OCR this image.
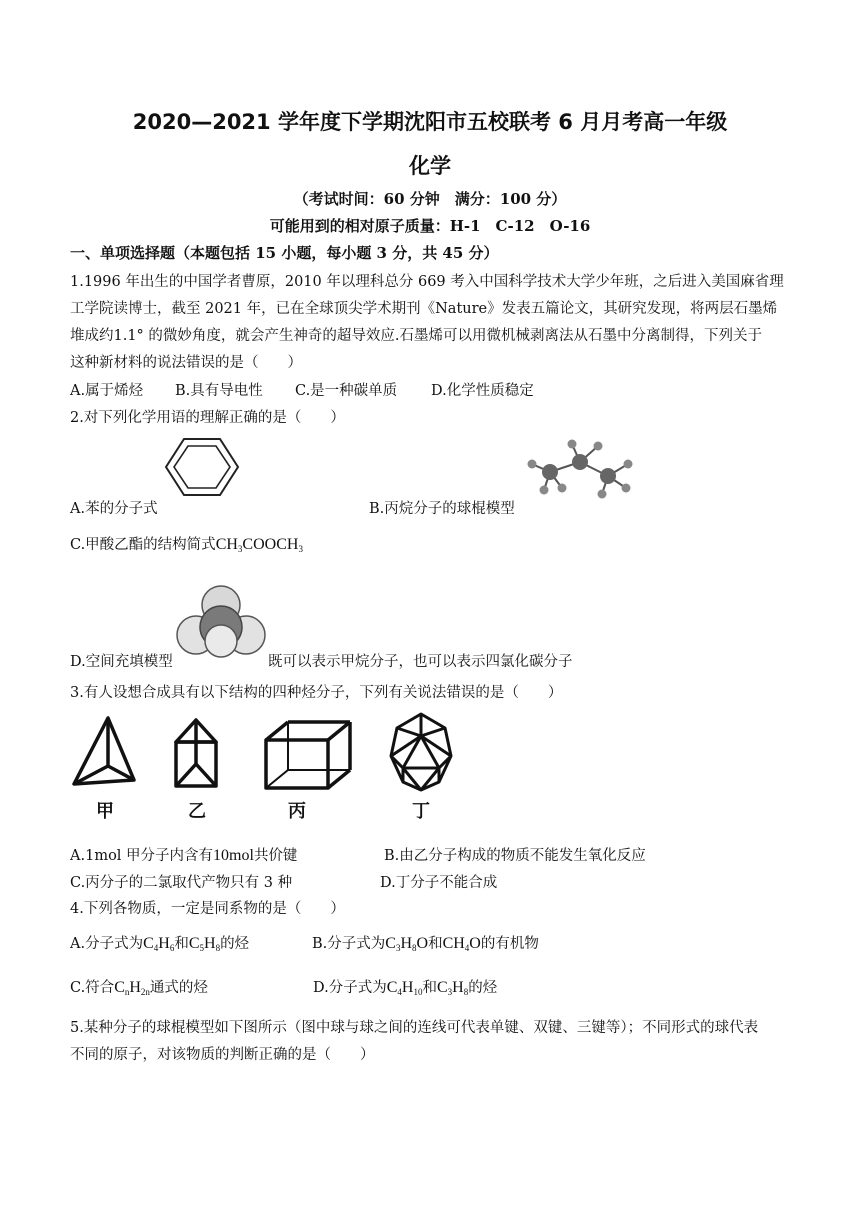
2020—2021 学年度下学期沈阳市五校联考 6 月月考高一年级
化学
（考试时间：60 分钟　满分：100 分）
可能用到的相对原子质量：H-1　C-12　O-16
一、单项选择题（本题包括 15 小题，每小题 3 分，共 45 分）
1.1996 年出生的中国学者曹原，2010 年以理科总分 669 考入中国科学技术大学少年班，之后进入美国麻省理
工学院读博士，截至 2021 年，已在全球顶尖学术期刊《Nature》发表五篇论文，其研究发现，将两层石墨烯
堆成约1.1° 的微妙角度，就会产生神奇的超导效应.石墨烯可以用微机械剥离法从石墨中分离制得，下列关于
这种新材料的说法错误的是（　　）
A.属于烯烃 B.具有导电性 C.是一种碳单质 D.化学性质稳定
2.对下列化学用语的理解正确的是（　　）
A.苯的分子式	B.丙烷分子的球棍模型
C.甲酸乙酯的结构简式$CH_3COOCH_3$
D.空间充填模型	既可以表示甲烷分子，也可以表示四氯化碳分子
3.有人设想合成具有以下结构的四种烃分子，下列有关说法错误的是（　　）
甲	乙	丙	丁
A.1mol 甲分子内含有10mol共价键	B.由乙分子构成的物质不能发生氧化反应
C.丙分子的二氯取代产物只有 3 种	D.丁分子不能合成
4.下列各物质，一定是同系物的是（　　）
A.分子式为$C_4H_6$和$C_5H_8$的烃	B.分子式为$C_3H_8O$和$CH_4O$的有机物
C.符合$C_nH_{2n}$通式的烃	D.分子式为$C_4H_{10}$和$C_3H_8$的烃
5.某种分子的球棍模型如下图所示（图中球与球之间的连线可代表单键、双键、三键等）；不同形式的球代表
不同的原子，对该物质的判断正确的是（　　）
